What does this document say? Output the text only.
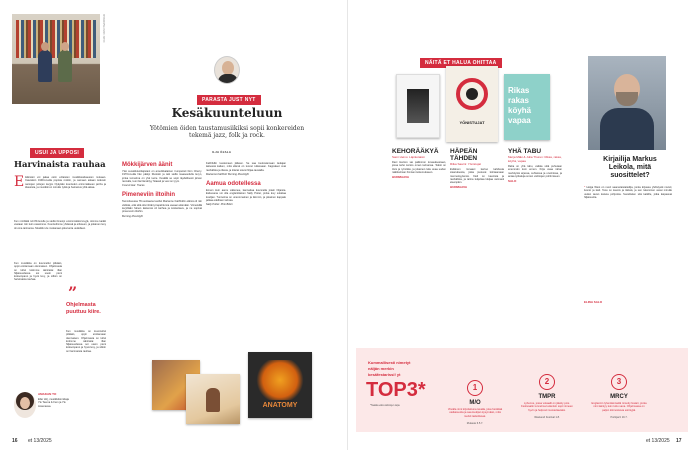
KUVA: KIRSI HAAPAMÄKI
USUI JA UPPOSI
Harvinaista rauhaa
E Elämäni voi jakaa osiin erilaisten musiikkiesikausien mukaan. Kaivaksin 1990-luvulla popista rockiin, ja samaan aikaan kokosin samojen juttujen levyjä. Nykyään kuuntelen enimmäkseen jazzia ja klassista, ja musiikki on minulle työtä ja harrastus yhtä aikaa.
Kun miniläitä tuli 80-luvulle ja sieltä ilmestyi ensimmäisiä levyjä, otimme kaikki vastaan niin kuin osasimme. Kuuntelimme yhdessä ja erikseen, ja jokainen levy oli oma tarinansa. Musiikki vie mukanaan joka kerta uudelleen.
Kun musiikkia on kuunnellut pitkään, oppii erottamaan olennaisen. Ohjelmasta on tullut kotimme ääniraita: illan hiljaisuudessa soi usein pieni kokoonpano ja hyvä levy, ja silloin on harvinaista rauhaa.
”
Ohjelmasta puuttuu kiire.
Kun musiikkia on kuunnellut pitkään, oppii erottamaan olennaisen. Ohjelmasta on tullut kotimme ääniraita: illan hiljaisuudessa soi usein pieni kokoonpano ja hyvä levy, ja silloin on harvinaista rauhaa.
AMAKAN TO
Eller Hirj, musiikkitoimittaja Yle Teema & Fem ja Yle Areenassa.
PARASTA JUST NYT
Kesäkuunteluun
Yötömien öiden taustamusiikiksi sopii konkereiden tekemä jazz, folk ja rock.
ILJA ÖJALA
Mökkijärven äänit
Yksi suosikkisoittajistani on amerikkalainen trumpetisti Don Cherry. 1970-luvulla hän päätyi Ruotsiin ja teki siellä maaseudulla levyn, jonka tunnelma on yhä tuore. Kesällä se sopii täydellisesti järven rannalle, kun ilta hämärtyy hitaasti ja vesi on tyyni.
Cosmic Ear: Traces
Pimeneviin iltoihin
Tammikuussa 78-vuotiaana kuollut Marianne Faithfullin elämä oli niin värikäs, että siitä olisi riittänyt tapahtumia useaan elämään. Viimeisillä levyillään hänen äänensä oli karhea ja koskettava, ja ne sopivat pimeneviin iltoihin.
Burning Moonlight
Faithfullin kuulemaan jälkeen. Se saa kuulostamaan laulajan äänessä kaiken, mitä elämä on tuonut tullessaan. Kappaleet ovat rauhallisia ja tilavia, ja kitarat soivat hiljaa taustalla.
Marianne Faithfull: Burning Moonlight
Aamua odotellessa
Ennen kuin aamu valkenee, kannattaa kuunnella jotain hiljaista. Esikuvana voi olla englantilainen Sally Potter, jonka levy sulattaa kuulijan. Tunnelma on unenomainen ja lämmin, ja jokainen kappale jatkaa edellisen tarinaa.
Sally Potter: Pink Bikini
ANATOMY
16 et 13/2025
NÄITÄ ET HALUA OHITTAA
YÖNISTUJAT
Rikas
rakas
köyhä
vapaa
KEHORÄÄKYÄ
Sami Heino: Läpikotaisin
Dani Hazoro sai palkinnon kuvauksestaan, jossa keho kertoo oman tarinansa. Teksti on tiivis ja rytmikäs, ja jokainen luku avaa uuden näkökulman ihmisen kokemukseen.
HURMAAVA
HÄPEÄN TÄHDEN
Riika Saarni: Yönistujat
Eviläinen romaani kertoo kahdesta sisaruksesta, jotka joutuvat kohtaamaan menneisyytensä. Kieli on kaunista ja rauhallista, ja tarina kuljettaa lukijaa varmasti eteenpäin.
HURMAAVA
YHÄ TABU
Merja Mäki & Julia Thuren: Rikas, rakas, köyhä, vapaa
Raha on yhä tabu, vaikka siitä puhutaan enemmän kuin ennen. Kirja avaa rahan merkitystä arjessa, suhteissa ja unelmissa, ja antaa työkaluja omien valintojen pohtimiseen.
SALO
Kirjailija Markus Leikola, mitä suosittelet?
” Helga West on nuori saamelaistaiteilija, jonka kirjassa yhdistyvät muisti, luonto ja kieli. Teos on kaunis ja tärkeä, ja sen lukeminen avasi minulle uuden tavan katsoa pohjoista. Suosittelen sitä kaikille, jotka kaipaavat hiljaisuutta.
ELINA SALO
Kummallisesti nimetyt
näljän merkin
kesäfestarissi! yt
TOP3*
*Taakka eikä valintojen tapa
1
M/O
Viivalla nimi kirjoitettuna tavalla, joka herättää uteliaisuutta ja saa kuulijan kysymään, mitä merkit tarkoittavat.
Mutaste 6.5.7.
2
TMPR
Lyhenne, jossa vokaalit on jätetty pois. Festivaalin tunnelma kuitenkin sopii nimeen hyvin ja helposti muistettavaksi.
Weekend Festival 1.8.
3
MRCY
Englannin lyhentämisellä nimetty festari, jonka nimi ääntyy kuin tuttu sana. Ohjelmassa on paljon kiinnostavia esiintyjiä.
Porikjazz 19.7.
et 13/2025 17
